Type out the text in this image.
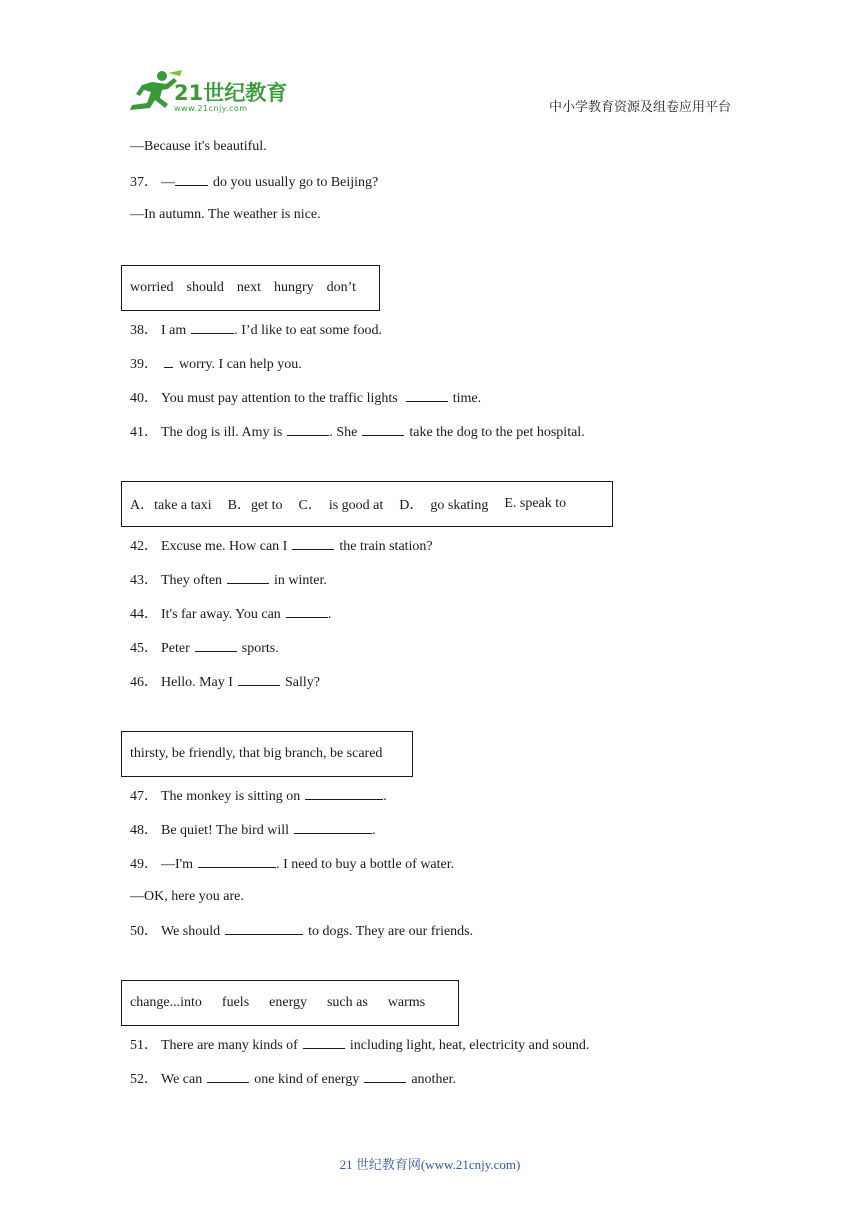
21世纪教育
www.21cnjy.com	中小学教育资源及组卷应用平台
—Because it's beautiful.
37． —	do you usually go to Beijing?
—In autumn. The weather is nice.
worried should next hungry don’t
38． I am	. I’d like to eat some food.
39． worry. I can help you.
40． You must pay attention to the traffic lights	time.
41． The dog is ill. Amy is	. She	take the dog to the pet hospital.
A．take a taxi B．get to C．  is good at D．  go skating E. speak to
42． Excuse me. How can I	the train station?
43． They often	in winter.
44． It's far away. You can	.
45． Peter	sports.
46． Hello. May I	Sally?
thirsty, be friendly, that big branch, be scared
47． The monkey is sitting on	.
48． Be quiet! The bird will	.
49． —I'm	. I need to buy a bottle of water.
—OK, here you are.
50． We should	to dogs. They are our friends.
change...into fuels energy such as warms
51． There are many kinds of	including light, heat, electricity and sound.
52． We can	one kind of energy	another.
21 世纪教育网(www.21cnjy.com)
